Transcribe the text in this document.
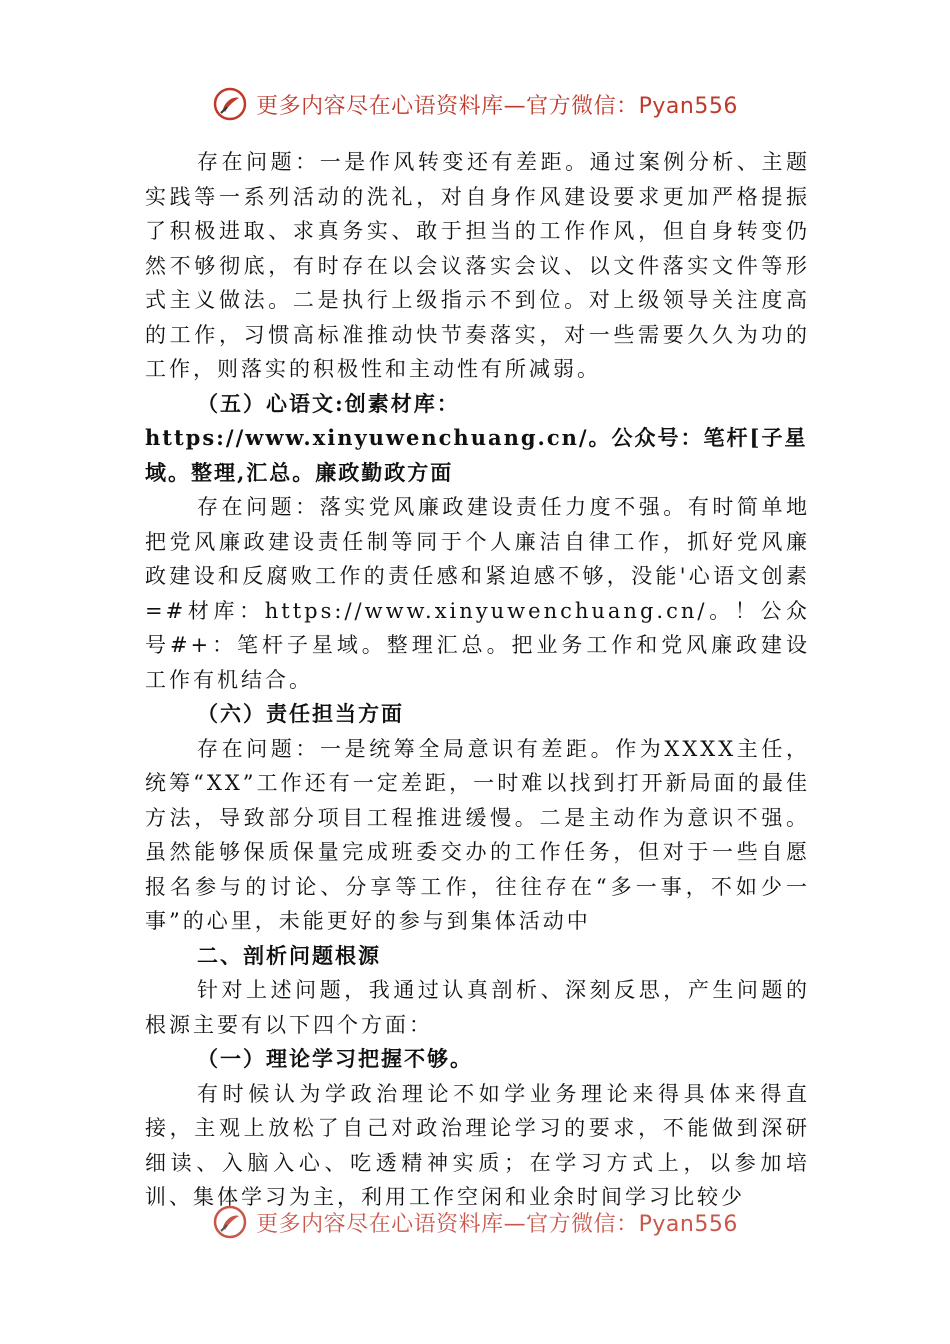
更多内容尽在心语资料库—官方微信：Pyan556

存在问题：一是作风转变还有差距。通过案例分析、主题实践等一系列活动的洗礼，对自身作风建设要求更加严格提振了积极进取、求真务实、敢于担当的工作作风，但自身转变仍然不够彻底，有时存在以会议落实会议、以文件落实文件等形式主义做法。二是执行上级指示不到位。对上级领导关注度高的工作，习惯高标准推动快节奏落实，对一些需要久久为功的工作，则落实的积极性和主动性有所减弱。

（五）心语文:创素材库：https://www.xinyuwenchuang.cn/。公众号：笔杆[子星域。整理,汇总。廉政勤政方面

存在问题：落实党风廉政建设责任力度不强。有时简单地把党风廉政建设责任制等同于个人廉洁自律工作，抓好党风廉政建设和反腐败工作的责任感和紧迫感不够，没能'心语文创素=#材库：https://www.xinyuwenchuang.cn/。！公众号#+：笔杆子星域。整理汇总。把业务工作和党风廉政建设工作有机结合。

（六）责任担当方面

存在问题：一是统筹全局意识有差距。作为XXXX主任，统筹“XX”工作还有一定差距，一时难以找到打开新局面的最佳方法，导致部分项目工程推进缓慢。二是主动作为意识不强。虽然能够保质保量完成班委交办的工作任务，但对于一些自愿报名参与的讨论、分享等工作，往往存在“多一事，不如少一事”的心里，未能更好的参与到集体活动中

二、剖析问题根源

针对上述问题，我通过认真剖析、深刻反思，产生问题的根源主要有以下四个方面：

（一）理论学习把握不够。

有时候认为学政治理论不如学业务理论来得具体来得直接，主观上放松了自己对政治理论学习的要求，不能做到深研细读、入脑入心、吃透精神实质；在学习方式上，以参加培训、集体学习为主，利用工作空闲和业余时间学习比较少

更多内容尽在心语资料库—官方微信：Pyan556
